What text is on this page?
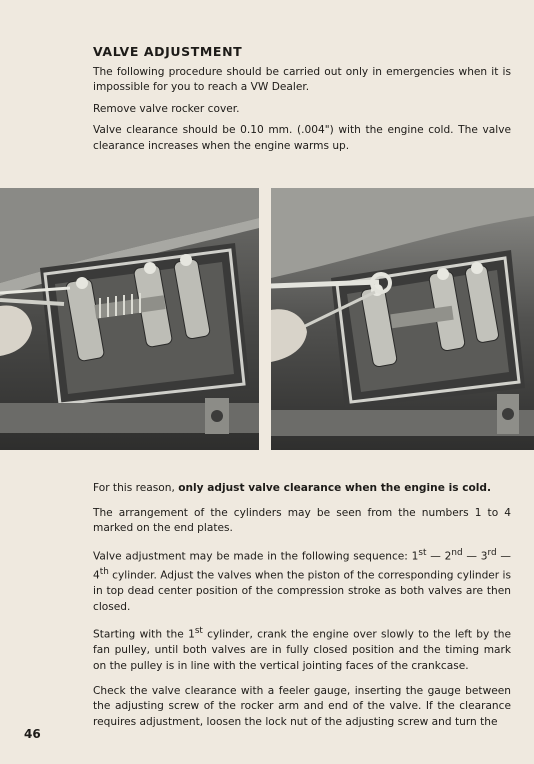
VALVE ADJUSTMENT

The following procedure should be carried out only in emergencies when it is impossible for you to reach a VW Dealer.

Remove valve rocker cover.

Valve clearance should be 0.10 mm. (.004") with the engine cold. The valve clearance increases when the engine warms up.

For this reason, only adjust valve clearance when the engine is cold.

The arrangement of the cylinders may be seen from the numbers 1 to 4 marked on the end plates.

Valve adjustment may be made in the following sequence: 1st — 2nd — 3rd — 4th cylinder. Adjust the valves when the piston of the corresponding cylinder is in top dead center position of the compression stroke as both valves are then closed.

Starting with the 1st cylinder, crank the engine over slowly to the left by the fan pulley, until both valves are in fully closed position and the timing mark on the pulley is in line with the vertical jointing faces of the crankcase.

Check the valve clearance with a feeler gauge, inserting the gauge between the adjusting screw of the rocker arm and end of the valve. If the clearance requires adjustment, loosen the lock nut of the adjusting screw and turn the

46
